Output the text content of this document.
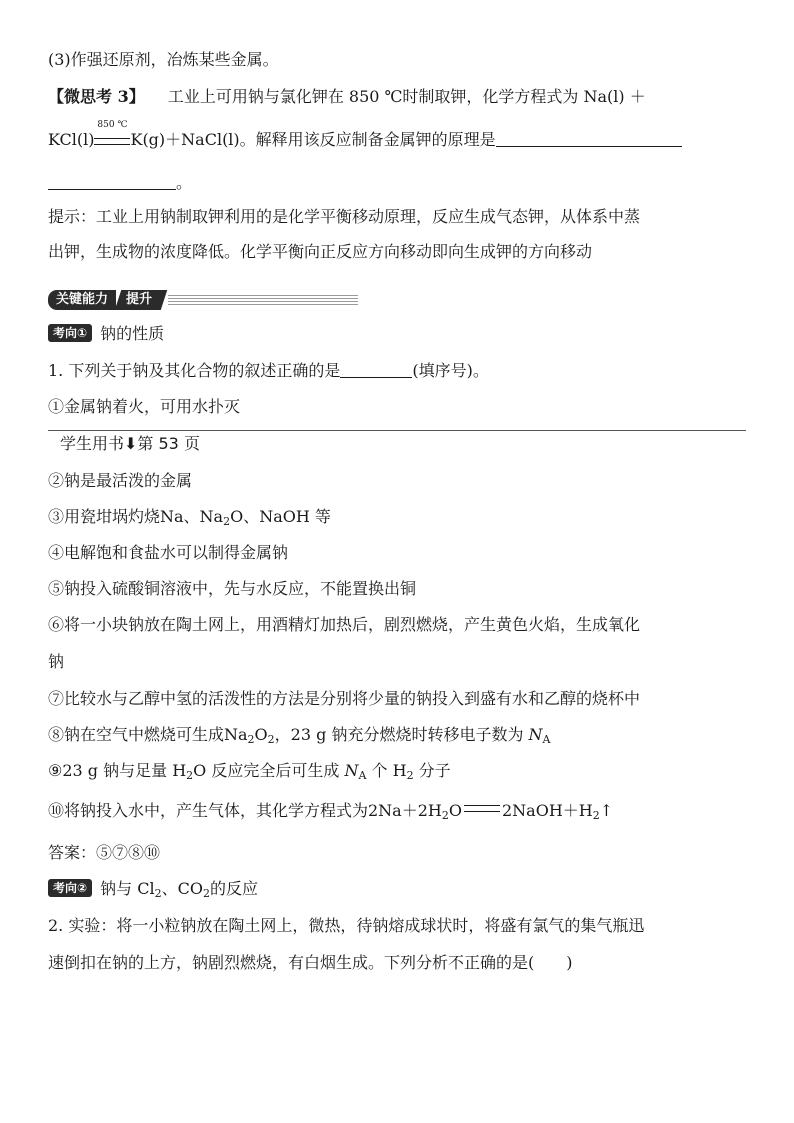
(3)作强还原剂，冶炼某些金属。
【微思考 3】 工业上可用钠与氯化钾在 850 ℃时制取钾，化学方程式为 Na(l) ＋
KCl(l)
850 ℃
K(g)＋NaCl(l)。解释用该反应制备金属钾的原理是
。
提示：工业上用钠制取钾利用的是化学平衡移动原理，反应生成气态钾，从体系中蒸
出钾，生成物的浓度降低。化学平衡向正反应方向移动即向生成钾的方向移动
关键能力	提升
考向① 钠的性质
1. 下列关于钠及其化合物的叙述正确的是	(填序号)。
①金属钠着火，可用水扑灭
学生用书⬇第 53 页
②钠是最活泼的金属
③用瓷坩埚灼烧Na、$Na_2O$、NaOH 等
④电解饱和食盐水可以制得金属钠
⑤钠投入硫酸铜溶液中，先与水反应，不能置换出铜
⑥将一小块钠放在陶土网上，用酒精灯加热后，剧烈燃烧，产生黄色火焰，生成氧化
钠
⑦比较水与乙醇中氢的活泼性的方法是分别将少量的钠投入到盛有水和乙醇的烧杯中
⑧钠在空气中燃烧可生成$Na_2O_2$，23 g 钠充分燃烧时转移电子数为 $N_A$
⑨23 g 钠与足量 $H_2O$ 反应完全后可生成 $N_A$ 个 $H_2$ 分子
⑩将钠投入水中，产生气体，其化学方程式为$2Na+2H_2O$	$2NaOH+H_2↑$
答案：⑤⑦⑧⑩
考向② 钠与 $Cl_2$、$CO_2$的反应
2. 实验：将一小粒钠放在陶土网上，微热，待钠熔成球状时，将盛有氯气的集气瓶迅
速倒扣在钠的上方，钠剧烈燃烧，有白烟生成。下列分析不正确的是(　　)
